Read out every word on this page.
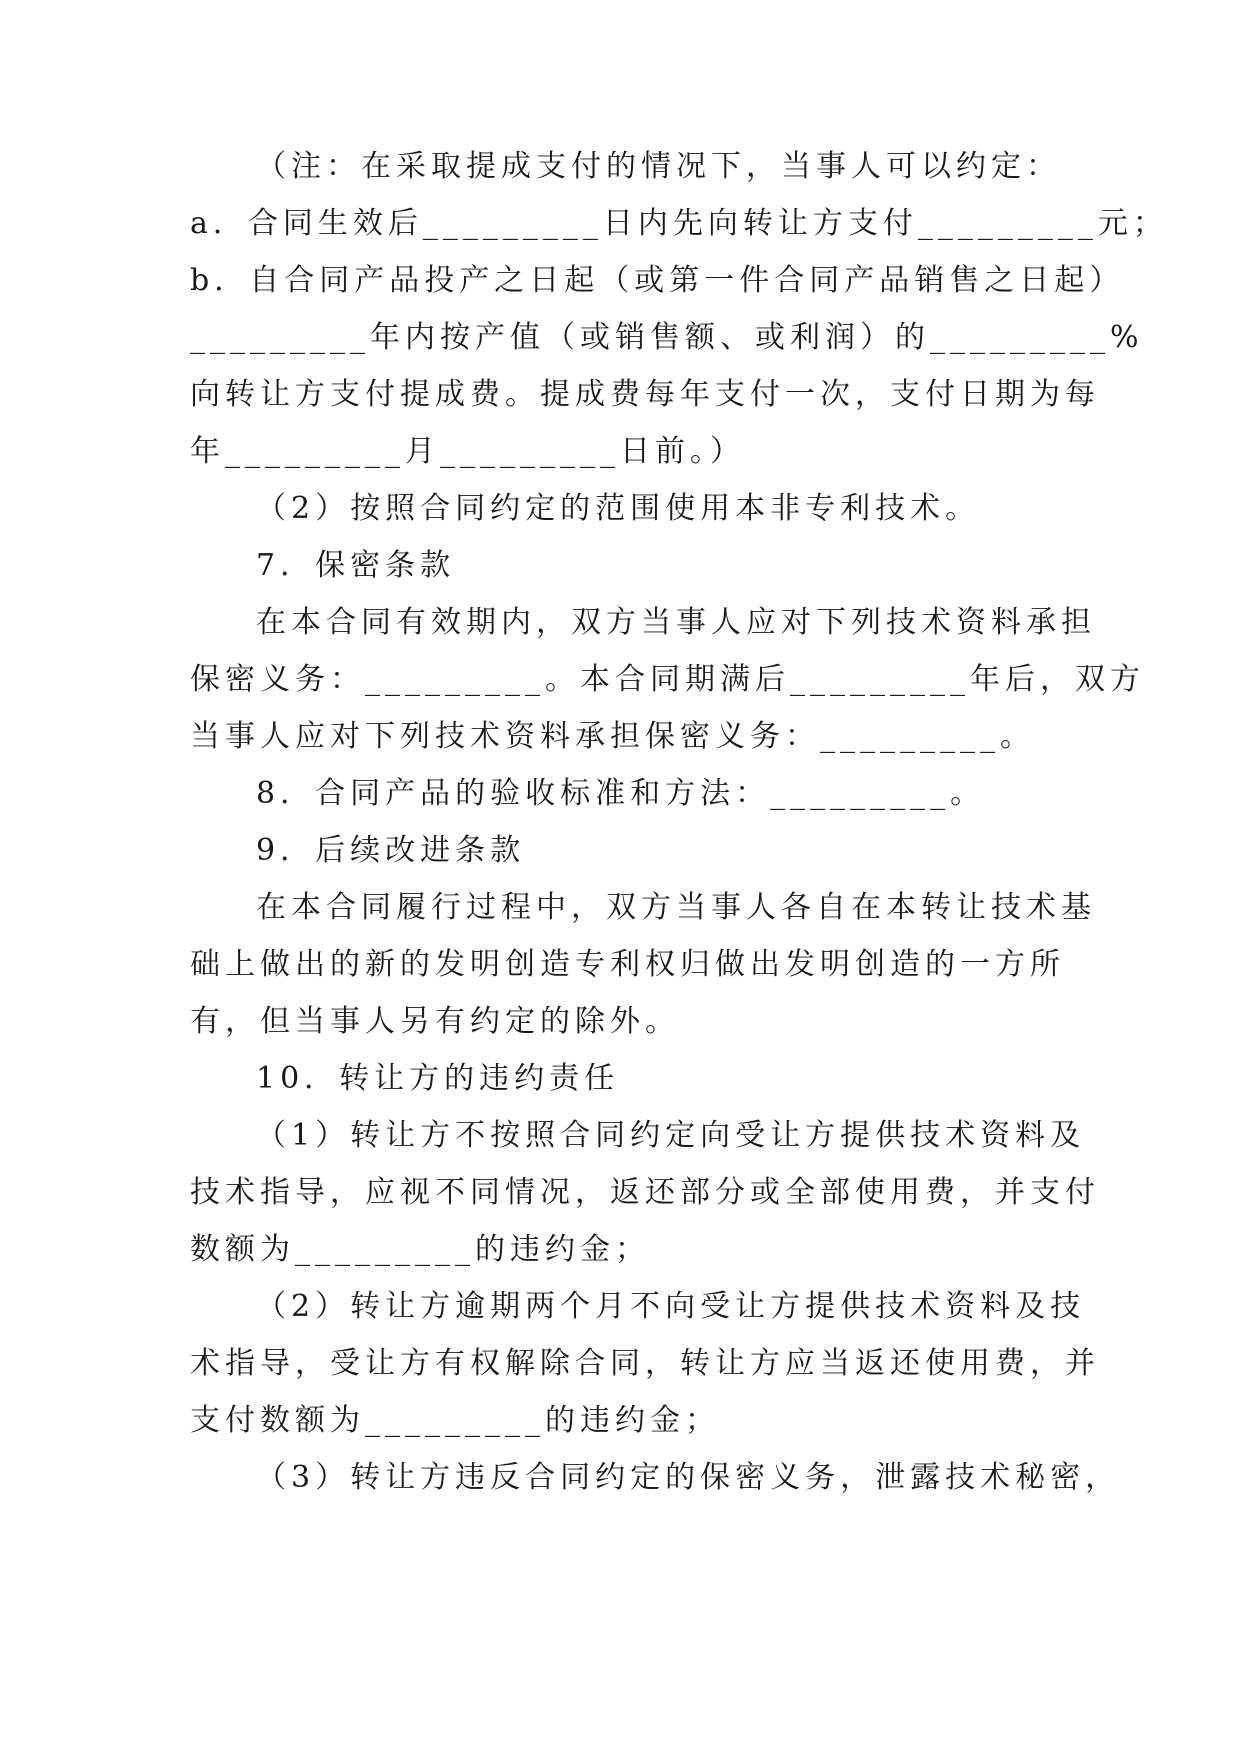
（注：在采取提成支付的情况下，当事人可以约定：
a．合同生效后_________日内先向转让方支付_________元；
b．自合同产品投产之日起（或第一件合同产品销售之日起）
_________年内按产值（或销售额、或利润）的_________%
向转让方支付提成费。提成费每年支付一次，支付日期为每
年_________月_________日前。）
（2）按照合同约定的范围使用本非专利技术。
7．保密条款
在本合同有效期内，双方当事人应对下列技术资料承担
保密义务：_________。本合同期满后_________年后，双方
当事人应对下列技术资料承担保密义务：_________。
8．合同产品的验收标准和方法：_________。
9．后续改进条款
在本合同履行过程中，双方当事人各自在本转让技术基
础上做出的新的发明创造专利权归做出发明创造的一方所
有，但当事人另有约定的除外。
10．转让方的违约责任
（1）转让方不按照合同约定向受让方提供技术资料及
技术指导，应视不同情况，返还部分或全部使用费，并支付
数额为_________的违约金；
（2）转让方逾期两个月不向受让方提供技术资料及技
术指导，受让方有权解除合同，转让方应当返还使用费，并
支付数额为_________的违约金；
（3）转让方违反合同约定的保密义务，泄露技术秘密，
